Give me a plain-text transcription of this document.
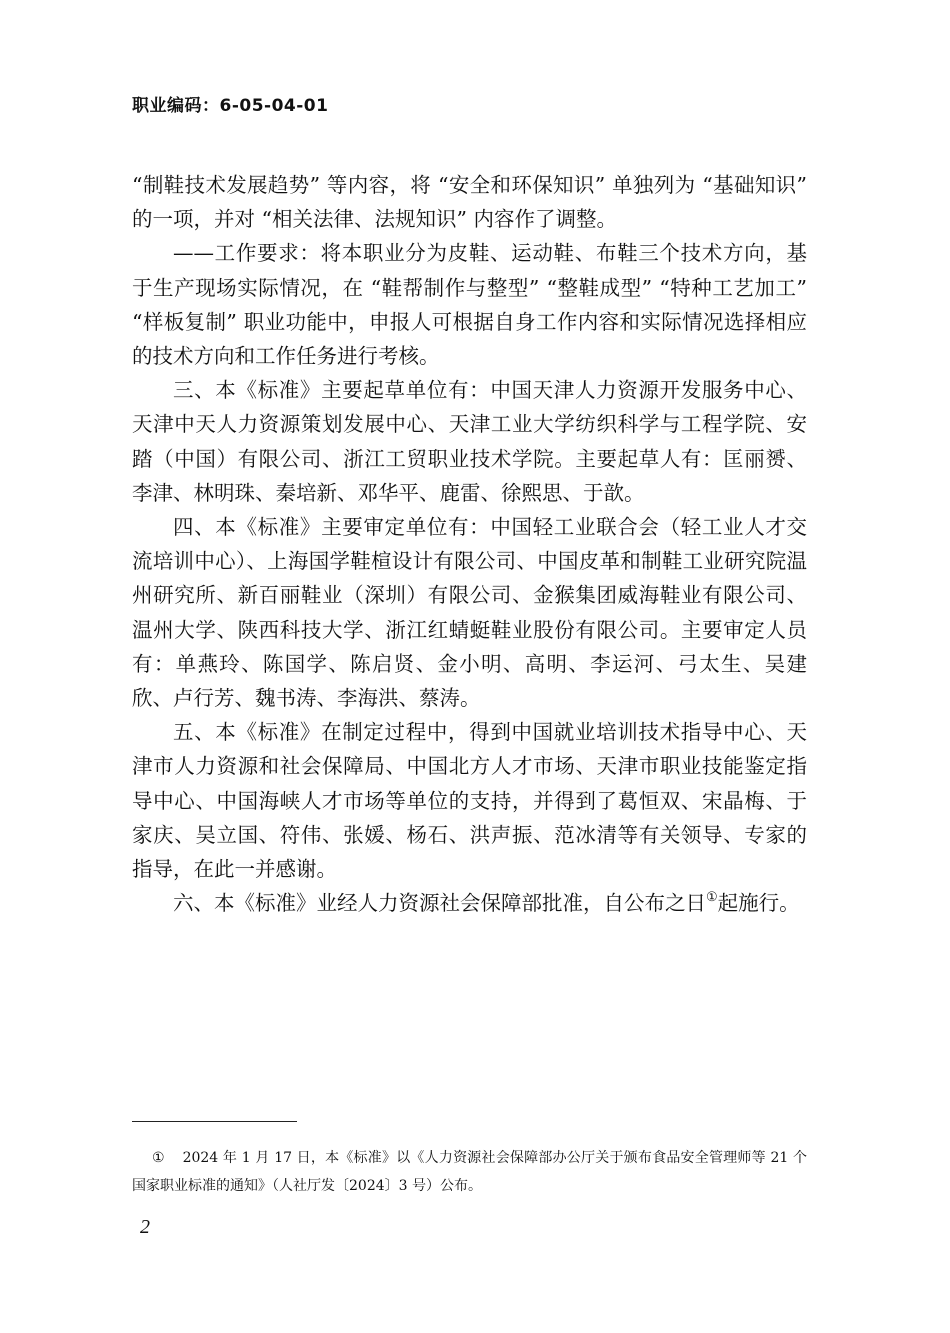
职业编码：6-05-04-01

“制鞋技术发展趋势” 等内容，将 “安全和环保知识” 单独列为 “基础知识” 的一项，并对 “相关法律、法规知识” 内容作了调整。

——工作要求：将本职业分为皮鞋、运动鞋、布鞋三个技术方向，基于生产现场实际情况，在 “鞋帮制作与整型” “整鞋成型” “特种工艺加工” “样板复制” 职业功能中，申报人可根据自身工作内容和实际情况选择相应的技术方向和工作任务进行考核。

三、本《标准》主要起草单位有：中国天津人力资源开发服务中心、天津中天人力资源策划发展中心、天津工业大学纺织科学与工程学院、安踏（中国）有限公司、浙江工贸职业技术学院。主要起草人有：匡丽赟、李津、林明珠、秦培新、邓华平、鹿雷、徐熙思、于歆。

四、本《标准》主要审定单位有：中国轻工业联合会（轻工业人才交流培训中心）、上海国学鞋楦设计有限公司、中国皮革和制鞋工业研究院温州研究所、新百丽鞋业（深圳）有限公司、金猴集团威海鞋业有限公司、温州大学、陕西科技大学、浙江红蜻蜓鞋业股份有限公司。主要审定人员有：单燕玲、陈国学、陈启贤、金小明、高明、李运河、弓太生、吴建欣、卢行芳、魏书涛、李海洪、蔡涛。

五、本《标准》在制定过程中，得到中国就业培训技术指导中心、天津市人力资源和社会保障局、中国北方人才市场、天津市职业技能鉴定指导中心、中国海峡人才市场等单位的支持，并得到了葛恒双、宋晶梅、于家庆、吴立国、符伟、张媛、杨石、洪声振、范冰清等有关领导、专家的指导，在此一并感谢。

六、本《标准》业经人力资源社会保障部批准，自公布之日①起施行。

① 2024 年 1 月 17 日，本《标准》以《人力资源社会保障部办公厅关于颁布食品安全管理师等 21 个国家职业标准的通知》（人社厅发〔2024〕3 号）公布。
2
